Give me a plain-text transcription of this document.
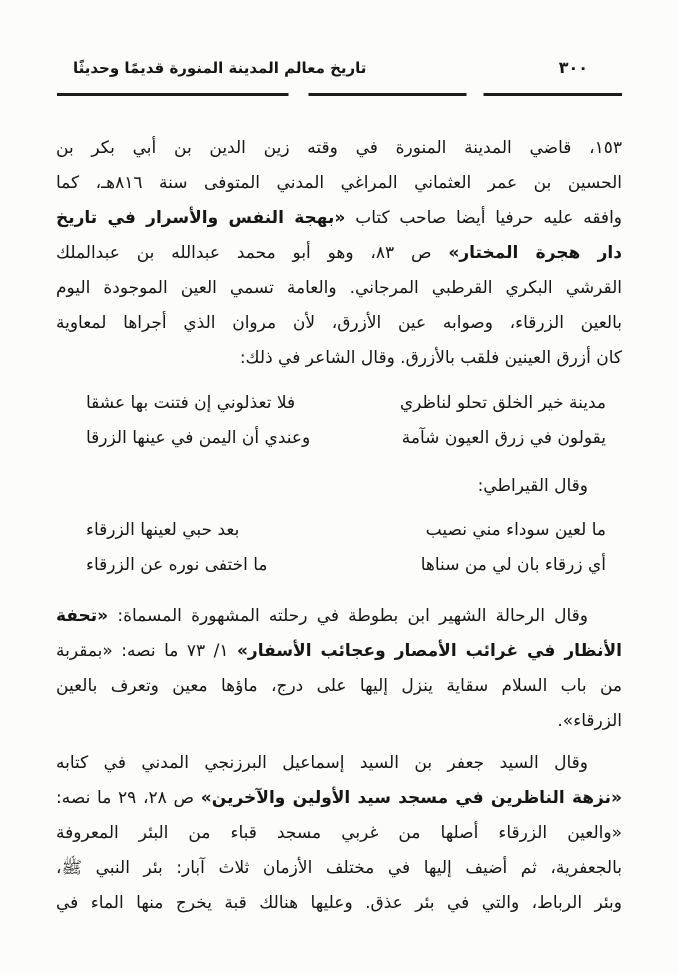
تاريخ معالم المدينة المنورة قديمًا وحديثًا	٣٠٠
١٥٣، قاضي المدينة المنورة في وقته زين الدين بن أبي بكر بن
الحسين بن عمر العثماني المراغي المدني المتوفى سنة ٨١٦هـ، كما
وافقه عليه حرفيا أيضا صاحب كتاب «بهجة النفس والأسرار في تاريخ
دار هجرة المختار» ص ٨٣، وهو أبو محمد عبدالله بن عبدالملك
القرشي البكري القرطبي المرجاني. والعامة تسمي العين الموجودة اليوم
بالعين الزرقاء، وصوابه عين الأزرق، لأن مروان الذي أجراها لمعاوية
كان أزرق العينين فلقب بالأزرق. وقال الشاعر في ذلك:
مدينة خير الخلق تحلو لناظري
فلا تعذلوني إن فتنت بها عشقا
يقولون في زرق العيون شآمة
وعندي أن اليمن في عينها الزرقا
وقال القيراطي:
ما لعين سوداء مني نصيب
بعد حبي لعينها الزرقاء
أي زرقاء بان لي من سناها
ما اختفى نوره عن الزرقاء
وقال الرحالة الشهير ابن بطوطة في رحلته المشهورة المسماة: «تحفة
الأنظار في غرائب الأمصار وعجائب الأسفار» ١/ ٧٣ ما نصه: «بمقربة
من باب السلام سقاية ينزل إليها على درج، ماؤها معين وتعرف بالعين
الزرقاء».
وقال السيد جعفر بن السيد إسماعيل البرزنجي المدني في كتابه
«نزهة الناظرين في مسجد سيد الأولين والآخرين» ص ٢٨، ٢٩ ما نصه:
«والعين الزرقاء أصلها من غربي مسجد قباء من البئر المعروفة
بالجعفرية، ثم أضيف إليها في مختلف الأزمان ثلاث آبار: بئر النبي ﷺ،
وبئر الرباط، والتي في بئر عذق. وعليها هنالك قبة يخرج منها الماء في
